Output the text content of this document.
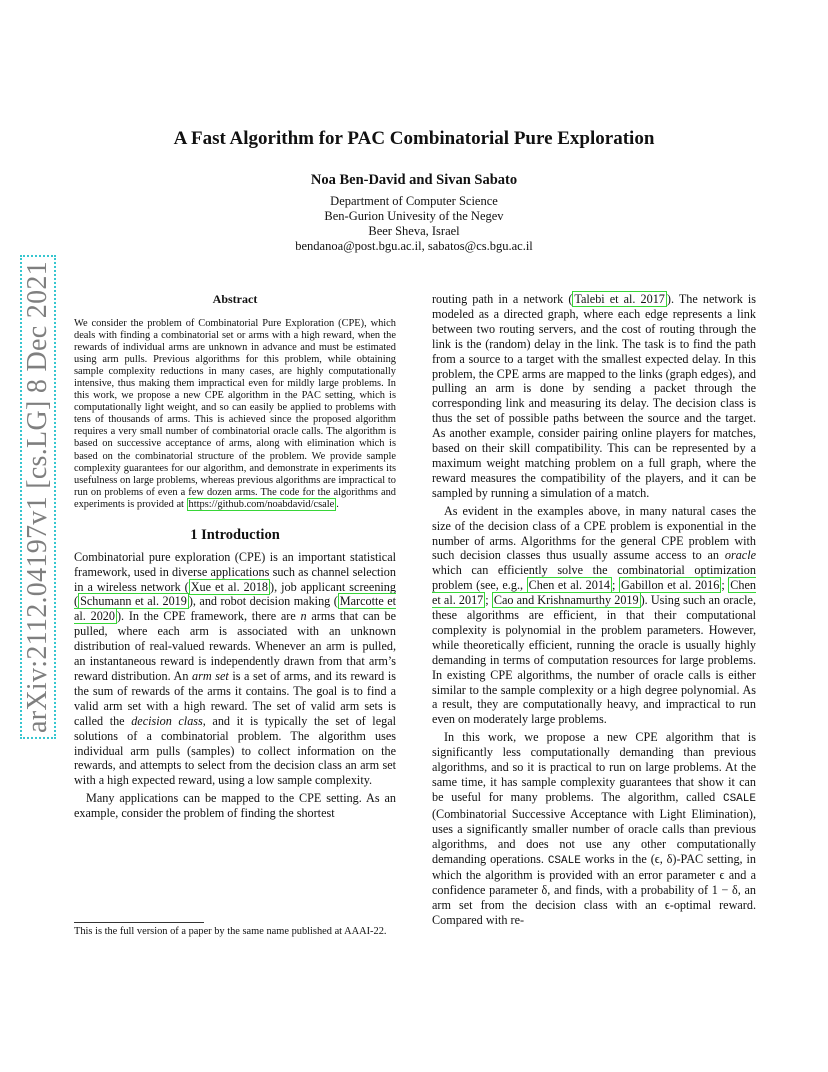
arXiv:2112.04197v1 [cs.LG] 8 Dec 2021
A Fast Algorithm for PAC Combinatorial Pure Exploration
Noa Ben-David and Sivan Sabato
Department of Computer Science
Ben-Gurion Univesity of the Negev
Beer Sheva, Israel
bendanoa@post.bgu.ac.il, sabatos@cs.bgu.ac.il
Abstract

We consider the problem of Combinatorial Pure Exploration (CPE), which deals with finding a combinatorial set or arms with a high reward, when the rewards of individual arms are unknown in advance and must be estimated using arm pulls. Previous algorithms for this problem, while obtaining sample complexity reductions in many cases, are highly computationally intensive, thus making them impractical even for mildly large problems. In this work, we propose a new CPE algorithm in the PAC setting, which is computationally light weight, and so can easily be applied to problems with tens of thousands of arms. This is achieved since the proposed algorithm requires a very small number of combinatorial oracle calls. The algorithm is based on successive acceptance of arms, along with elimination which is based on the combinatorial structure of the problem. We provide sample complexity guarantees for our algorithm, and demonstrate in experiments its usefulness on large problems, whereas previous algorithms are impractical to run on problems of even a few dozen arms. The code for the algorithms and experiments is provided at https://github.com/noabdavid/csale .

1 Introduction

Combinatorial pure exploration (CPE) is an important statistical framework, used in diverse applications such as channel selection in a wireless network ( Xue et al. 2018 ), job applicant screening ( Schumann et al. 2019 ), and robot decision making ( Marcotte et al. 2020 ). In the CPE framework, there are n arms that can be pulled, where each arm is associated with an unknown distribution of real-valued rewards. Whenever an arm is pulled, an instantaneous reward is independently drawn from that arm’s reward distribution. An arm set is a set of arms, and its reward is the sum of rewards of the arms it contains. The goal is to find a valid arm set with a high reward. The set of valid arm sets is called the decision class, and it is typically the set of legal solutions of a combinatorial problem. The algorithm uses individual arm pulls (samples) to collect information on the rewards, and attempts to select from the decision class an arm set with a high expected reward, using a low sample complexity.

Many applications can be mapped to the CPE setting. As an example, consider the problem of finding the shortest

This is the full version of a paper by the same name published at AAAI-22.

routing path in a network ( Talebi et al. 2017 ). The network is modeled as a directed graph, where each edge represents a link between two routing servers, and the cost of routing through the link is the (random) delay in the link. The task is to find the path from a source to a target with the smallest expected delay. In this problem, the CPE arms are mapped to the links (graph edges), and pulling an arm is done by sending a packet through the corresponding link and measuring its delay. The decision class is thus the set of possible paths between the source and the target. As another example, consider pairing online players for matches, based on their skill compatibility. This can be represented by a maximum weight matching problem on a full graph, where the reward measures the compatibility of the players, and it can be sampled by running a simulation of a match.

As evident in the examples above, in many natural cases the size of the decision class of a CPE problem is exponential in the number of arms. Algorithms for the general CPE problem with such decision classes thus usually assume access to an oracle which can efficiently solve the combinatorial optimization problem (see, e.g., Chen et al. 2014 ; Gabillon et al. 2016 ; Chen et al. 2017 ; Cao and Krishnamurthy 2019 ). Using such an oracle, these algorithms are efficient, in that their computational complexity is polynomial in the problem parameters. However, while theoretically efficient, running the oracle is usually highly demanding in terms of computation resources for large problems. In existing CPE algorithms, the number of oracle calls is either similar to the sample complexity or a high degree polynomial. As a result, they are computationally heavy, and impractical to run even on moderately large problems.

In this work, we propose a new CPE algorithm that is significantly less computationally demanding than previous algorithms, and so it is practical to run on large problems. At the same time, it has sample complexity guarantees that show it can be useful for many problems. The algorithm, called CSALE (Combinatorial Successive Acceptance with Light Elimination), uses a significantly smaller number of oracle calls than previous algorithms, and does not use any other computationally demanding operations. CSALE works in the (ϵ, δ)-PAC setting, in which the algorithm is provided with an error parameter ϵ and a confidence parameter δ, and finds, with a probability of 1 − δ, an arm set from the decision class with an ϵ-optimal reward. Compared with re-
